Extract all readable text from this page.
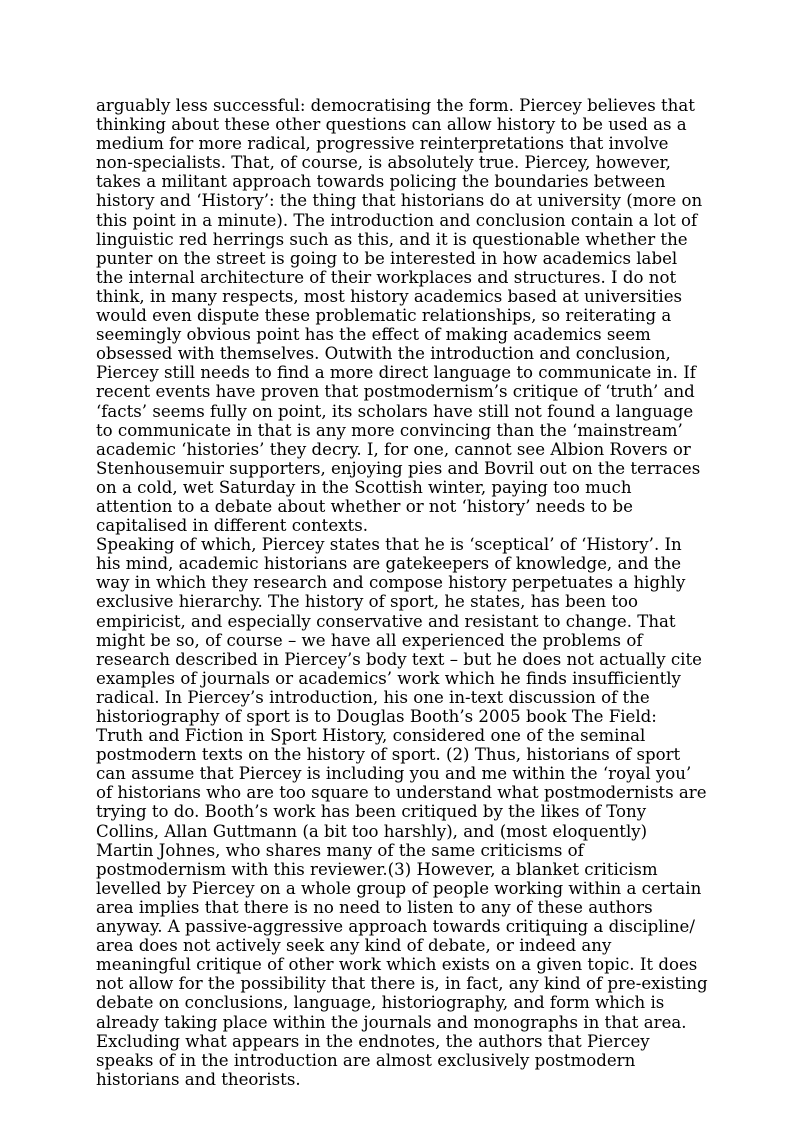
arguably less successful: democratising the form. Piercey believes that thinking about these other questions can allow history to be used as a medium for more radical, progressive reinterpretations that involve non-specialists. That, of course, is absolutely true. Piercey, however, takes a militant approach towards policing the boundaries between history and ‘History’: the thing that historians do at university (more on this point in a minute). The introduction and conclusion contain a lot of linguistic red herrings such as this, and it is questionable whether the punter on the street is going to be interested in how academics label the internal architecture of their workplaces and structures. I do not think, in many respects, most history academics based at universities would even dispute these problematic relationships, so reiterating a seemingly obvious point has the effect of making academics seem obsessed with themselves. Outwith the introduction and conclusion, Piercey still needs to find a more direct language to communicate in. If recent events have proven that postmodernism’s critique of ‘truth’ and ‘facts’ seems fully on point, its scholars have still not found a language to communicate in that is any more convincing than the ‘mainstream’ academic ‘histories’ they decry. I, for one, cannot see Albion Rovers or Stenhousemuir supporters, enjoying pies and Bovril out on the terraces on a cold, wet Saturday in the Scottish winter, paying too much attention to a debate about whether or not ‘history’ needs to be capitalised in different contexts.

Speaking of which, Piercey states that he is ‘sceptical’ of ‘History’. In his mind, academic historians are gatekeepers of knowledge, and the way in which they research and compose history perpetuates a highly exclusive hierarchy. The history of sport, he states, has been too empiricist, and especially conservative and resistant to change. That might be so, of course – we have all experienced the problems of research described in Piercey’s body text – but he does not actually cite examples of journals or academics’ work which he finds insufficiently radical. In Piercey’s introduction, his one in-text discussion of the historiography of sport is to Douglas Booth’s 2005 book The Field: Truth and Fiction in Sport History, considered one of the seminal postmodern texts on the history of sport. (2) Thus, historians of sport can assume that Piercey is including you and me within the ‘royal you’ of historians who are too square to understand what postmodernists are trying to do. Booth’s work has been critiqued by the likes of Tony Collins, Allan Guttmann (a bit too harshly), and (most eloquently) Martin Johnes, who shares many of the same criticisms of postmodernism with this reviewer.(3) However, a blanket criticism levelled by Piercey on a whole group of people working within a certain area implies that there is no need to listen to any of these authors anyway. A passive-aggressive approach towards critiquing a discipline/ area does not actively seek any kind of debate, or indeed any meaningful critique of other work which exists on a given topic. It does not allow for the possibility that there is, in fact, any kind of pre-existing debate on conclusions, language, historiography, and form which is already taking place within the journals and monographs in that area. Excluding what appears in the endnotes, the authors that Piercey speaks of in the introduction are almost exclusively postmodern historians and theorists.
